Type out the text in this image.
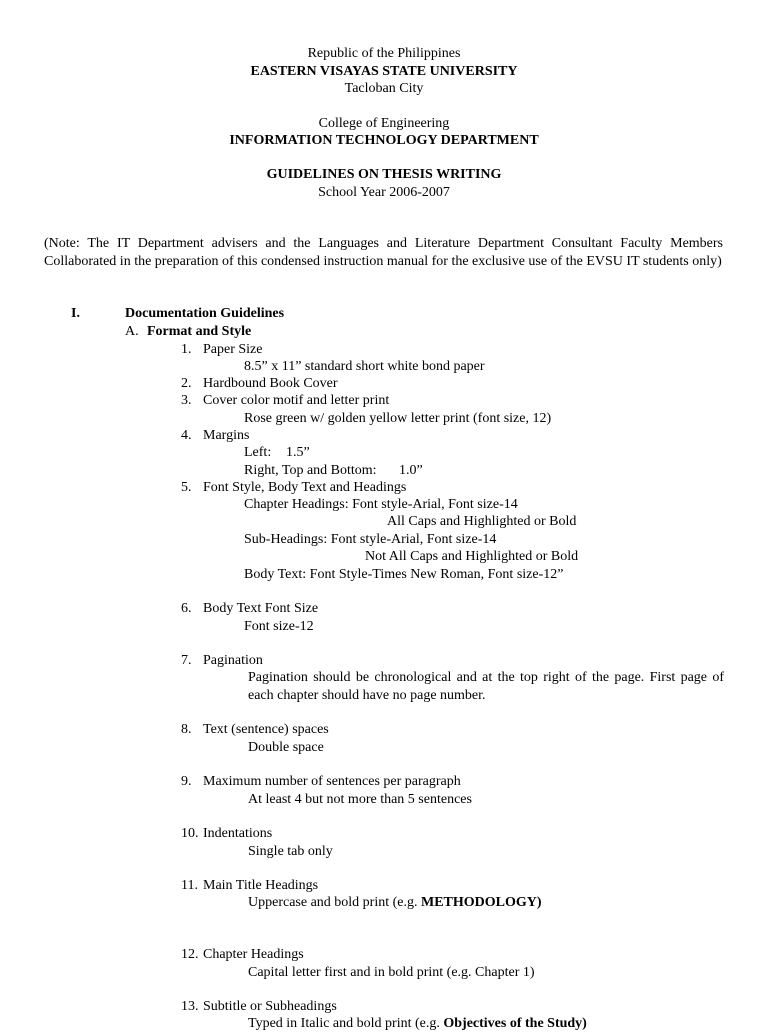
Republic of the Philippines
EASTERN VISAYAS STATE UNIVERSITY
Tacloban City
College of Engineering
INFORMATION TECHNOLOGY DEPARTMENT
GUIDELINES ON THESIS WRITING
School Year 2006-2007
(Note: The IT Department advisers and the Languages and Literature Department Consultant Faculty Members Collaborated in the preparation of this condensed instruction manual for the exclusive use of the EVSU IT students only)
I.	Documentation Guidelines
A. Format and Style
1. Paper Size
8.5” x 11” standard short white bond paper
2. Hardbound Book Cover
3. Cover color motif and letter print
Rose green w/ golden yellow letter print (font size, 12)
4. Margins
Left: 1.5”
Right, Top and Bottom: 1.0”
5. Font Style, Body Text and Headings
Chapter Headings: Font style-Arial, Font size-14
All Caps and Highlighted or Bold
Sub-Headings: Font style-Arial, Font size-14
Not All Caps and Highlighted or Bold
Body Text: Font Style-Times New Roman, Font size-12”
6. Body Text Font Size
Font size-12
7. Pagination
Pagination should be chronological and at the top right of the page. First page of each chapter should have no page number.
8. Text (sentence) spaces
Double space
9. Maximum number of sentences per paragraph
At least 4 but not more than 5 sentences
10. Indentations
Single tab only
11. Main Title Headings
Uppercase and bold print (e.g. METHODOLOGY)
12. Chapter Headings
Capital letter first and in bold print (e.g. Chapter 1)
13. Subtitle or Subheadings
Typed in Italic and bold print (e.g. Objectives of the Study)
